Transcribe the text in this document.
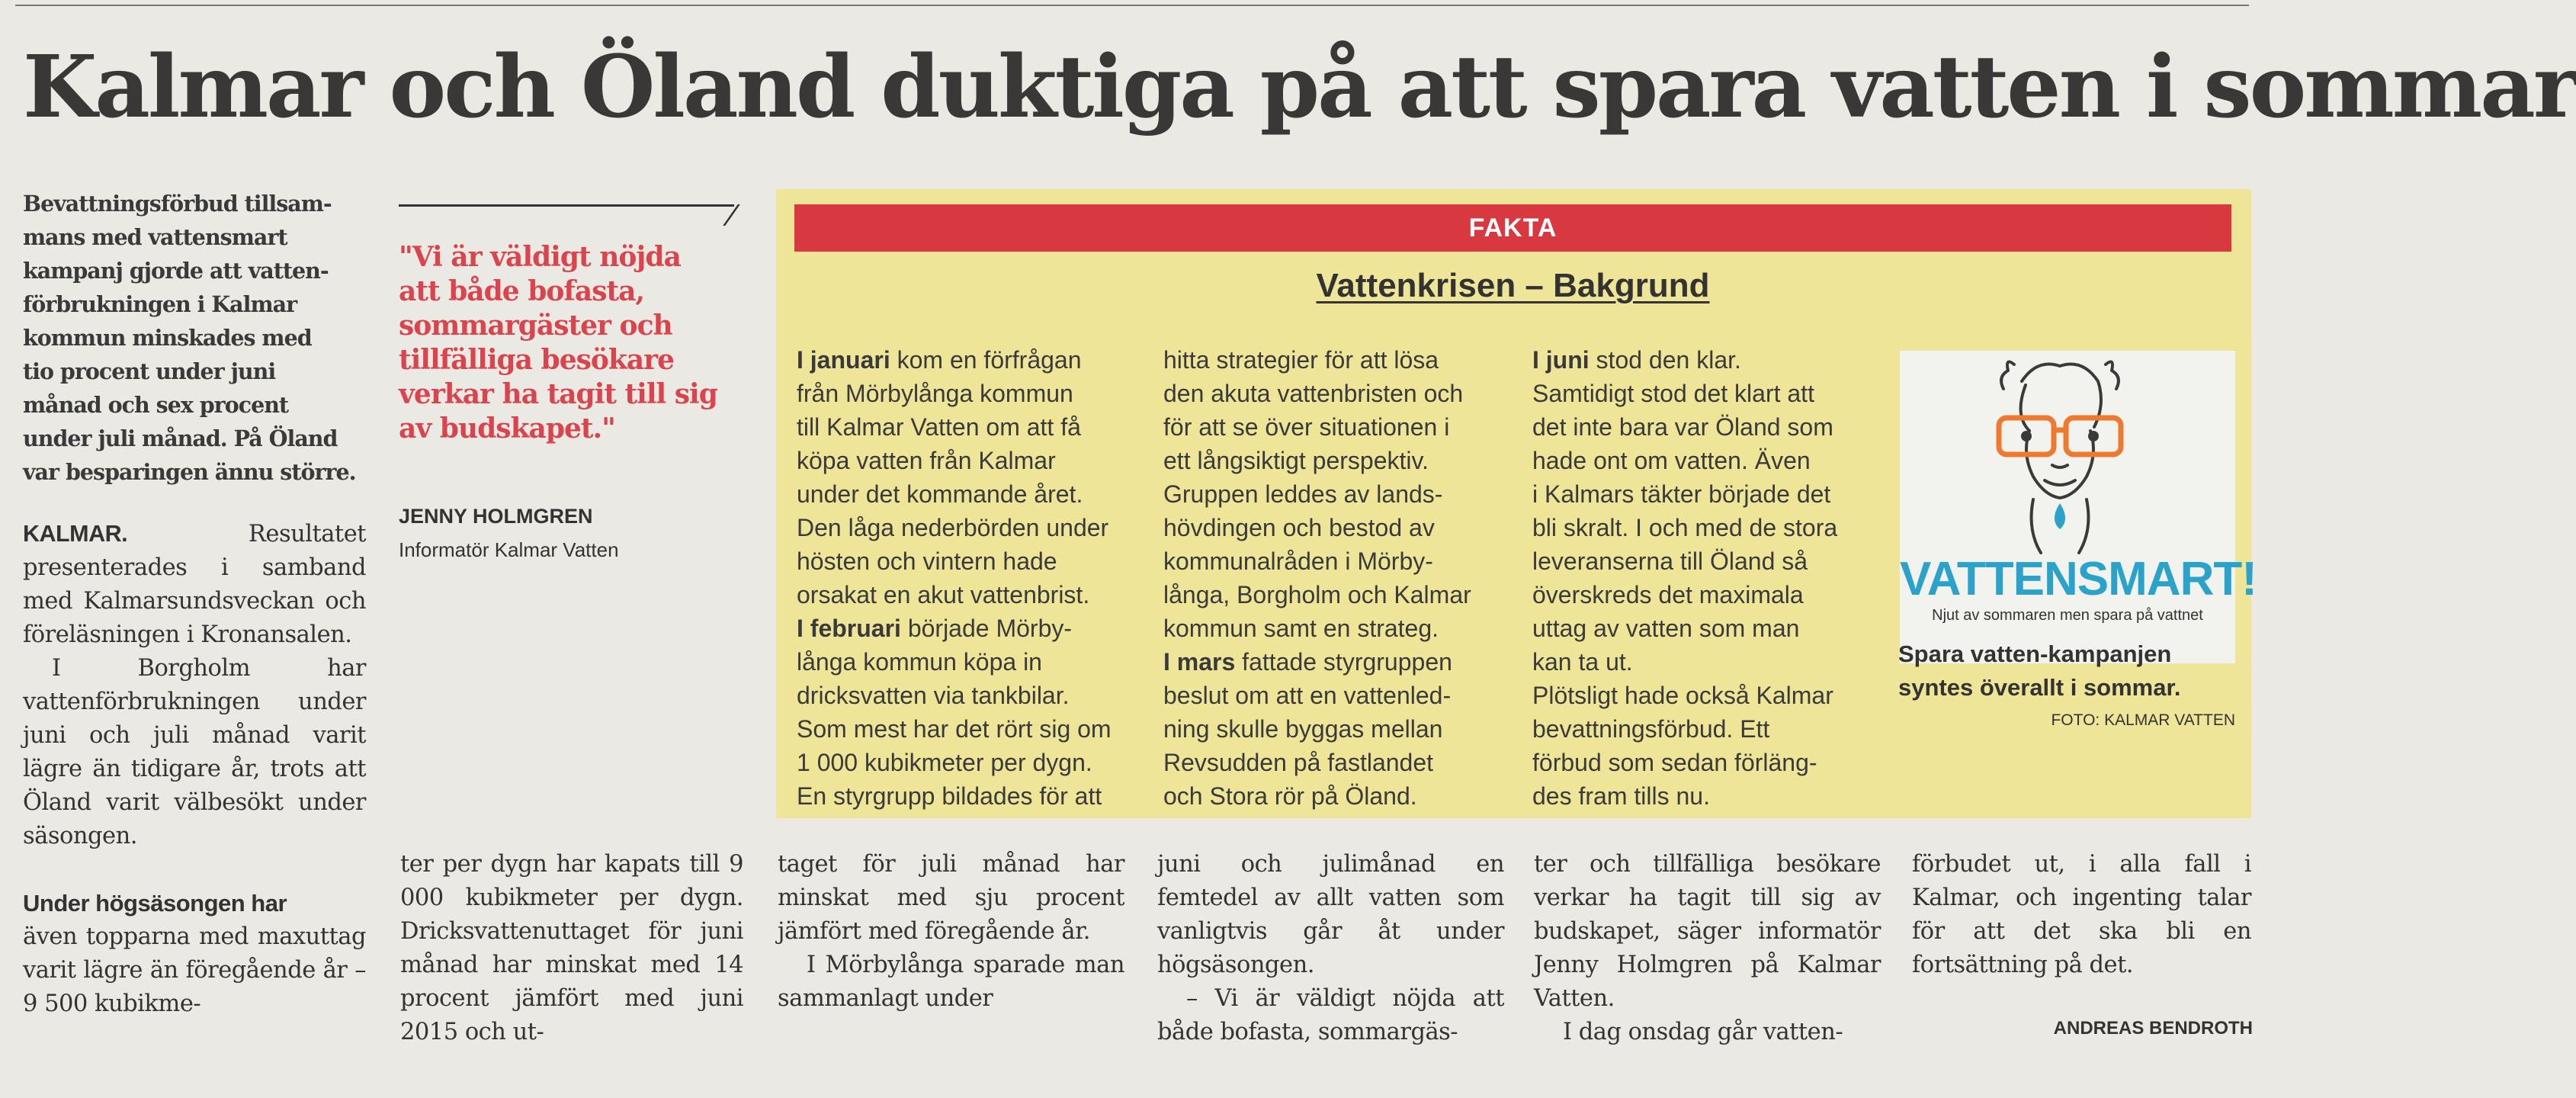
Kalmar och Öland duktiga på att spara vatten i sommar
Bevattningsförbud tillsam-
mans med vattensmart
kampanj gjorde att vatten-
förbrukningen i Kalmar
kommun minskades med
tio procent under juni
månad och sex procent
under juli månad. På Öland
var besparingen ännu större.
"Vi är väldigt nöjda
att både bofasta,
sommargäster och
tillfälliga besökare
verkar ha tagit till sig
av budskapet."
JENNY HOLMGREN
Informatör Kalmar Vatten

KALMAR. Resultatet presenterades i samband med Kalmarsundsveckan och föreläsningen i Kronansalen.

I Borgholm har vattenförbrukningen under juni och juli månad varit lägre än tidigare år, trots att Öland varit välbesökt under säsongen.

Under högsäsongen har

även topparna med maxuttag varit lägre än föregående år – 9 500 kubikme-

FAKTA
Vattenkrisen – Bakgrund

I januari kom en förfrågan

från Mörbylånga kommun

till Kalmar Vatten om att få

köpa vatten från Kalmar

under det kommande året.

Den låga nederbörden under

hösten och vintern hade

orsakat en akut vattenbrist.

I februari började Mörby-

långa kommun köpa in

dricksvatten via tankbilar.

Som mest har det rört sig om

1 000 kubikmeter per dygn.

En styrgrupp bildades för att

hitta strategier för att lösa

den akuta vattenbristen och

för att se över situationen i

ett långsiktigt perspektiv.

Gruppen leddes av lands-

hövdingen och bestod av

kommunalråden i Mörby-

långa, Borgholm och Kalmar

kommun samt en strateg.

I mars fattade styrgruppen

beslut om att en vattenled-

ning skulle byggas mellan

Revsudden på fastlandet

och Stora rör på Öland.

I juni stod den klar.

Samtidigt stod det klart att

det inte bara var Öland som

hade ont om vatten. Även

i Kalmars täkter började det

bli skralt. I och med de stora

leveranserna till Öland så

överskreds det maximala

uttag av vatten som man

kan ta ut.

Plötsligt hade också Kalmar

bevattningsförbud. Ett

förbud som sedan förläng-

des fram tills nu.

VATTENSMART!
Njut av sommaren men spara på vattnet
Spara vatten-kampanjen syntes överallt i sommar.
FOTO: KALMAR VATTEN

ter per dygn har kapats till 9 000 kubikmeter per dygn. Dricksvattenuttaget för juni månad har minskat med 14 procent jämfört med juni 2015 och ut-

taget för juli månad har minskat med sju procent jämfört med föregående år.

I Mörbylånga sparade man sammanlagt under

juni och julimånad en femtedel av allt vatten som vanligtvis går åt under högsäsongen.

– Vi är väldigt nöjda att både bofasta, sommargäs-

ter och tillfälliga besökare verkar ha tagit till sig av budskapet, säger informatör Jenny Holmgren på Kalmar Vatten.

I dag onsdag går vatten-

förbudet ut, i alla fall i Kalmar, och ingenting talar för att det ska bli en fortsättning på det.

ANDREAS BENDROTH
